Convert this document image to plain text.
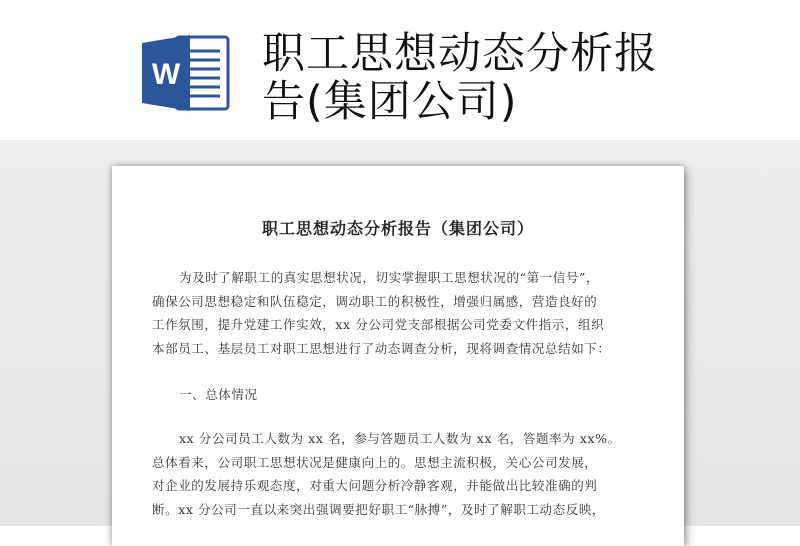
W 职工思想动态分析报
告(集团公司)
职工思想动态分析报告（集团公司）
为及时了解职工的真实思想状况，切实掌握职工思想状况的“第一信号”，
确保公司思想稳定和队伍稳定，调动职工的积极性，增强归属感，营造良好的
工作氛围，提升党建工作实效，xx 分公司党支部根据公司党委文件指示，组织
本部员工、基层员工对职工思想进行了动态调查分析，现将调查情况总结如下：
一、总体情况
xx 分公司员工人数为 xx 名，参与答题员工人数为 xx 名，答题率为 xx%。
总体看来，公司职工思想状况是健康向上的。思想主流积极，关心公司发展，
对企业的发展持乐观态度，对重大问题分析冷静客观，并能做出比较准确的判
断。xx 分公司一直以来突出强调要把好职工“脉搏”，及时了解职工动态反映，
